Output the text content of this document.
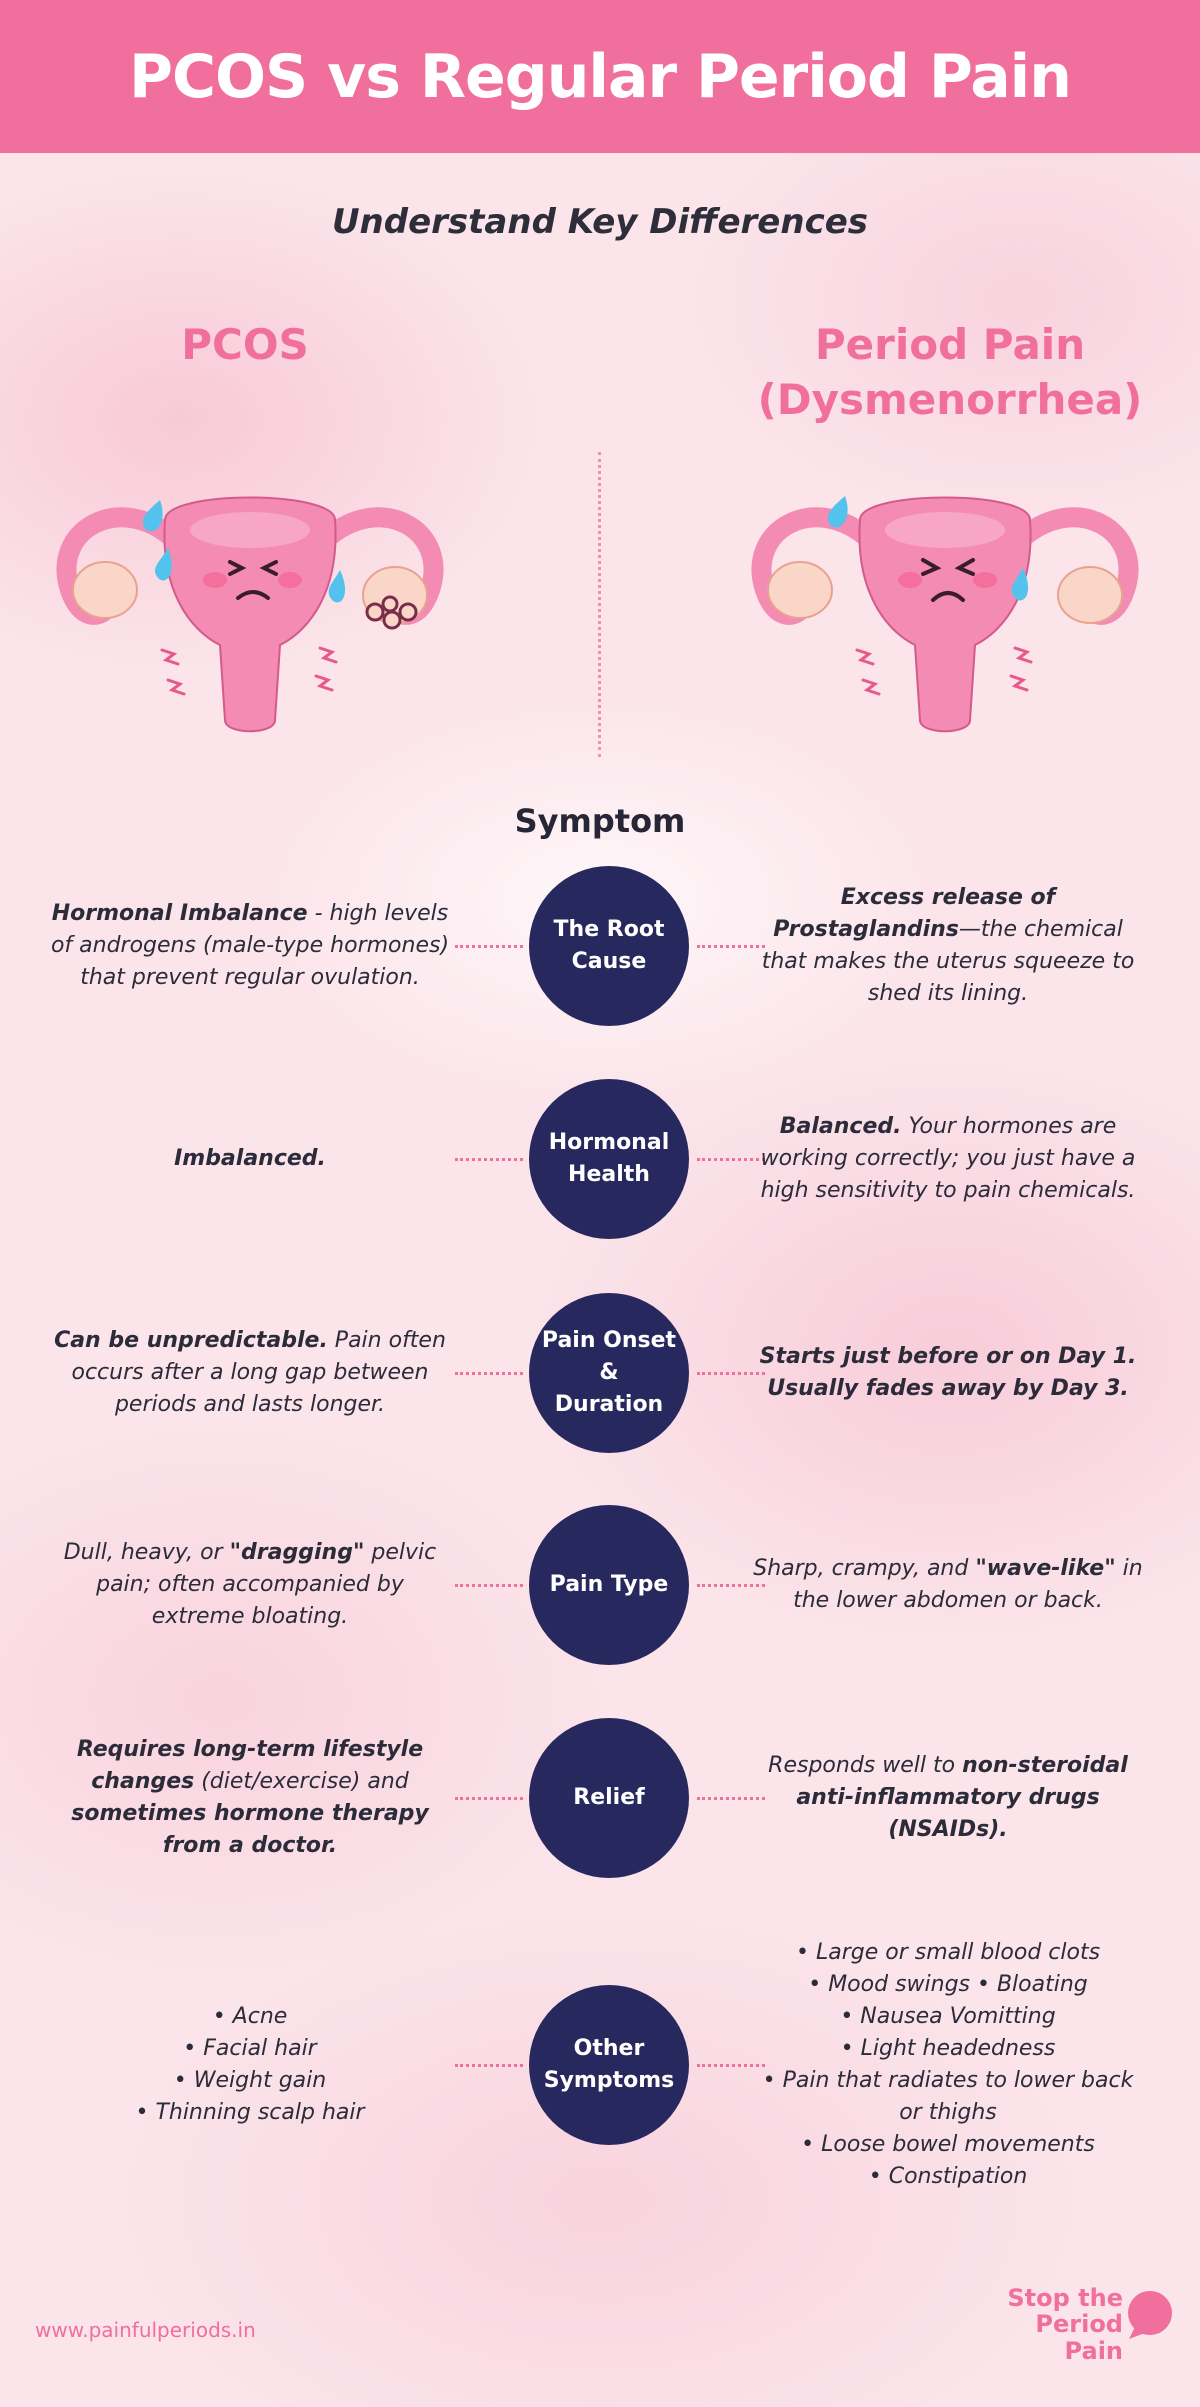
PCOS vs Regular Period Pain
Understand Key Differences
PCOS	Period Pain
(Dysmenorrhea)
Symptom
Hormonal Imbalance - high levels of androgens (male-type hormones) that prevent regular ovulation.
The Root
Cause
Excess release of Prostaglandins—the chemical that makes the uterus squeeze to shed its lining.
Imbalanced.
Hormonal
Health
Balanced. Your hormones are working correctly; you just have a high sensitivity to pain chemicals.
Can be unpredictable. Pain often occurs after a long gap between periods and lasts longer.
Pain Onset
&
Duration
Starts just before or on Day 1. Usually fades away by Day 3.
Dull, heavy, or "dragging" pelvic pain; often accompanied by extreme bloating.
Pain Type
Sharp, crampy, and "wave-like" in the lower abdomen or back.
Requires long-term lifestyle changes (diet/exercise) and sometimes hormone therapy from a doctor.
Relief
Responds well to non-steroidal anti-inflammatory drugs (NSAIDs).
• Acne
• Facial hair
• Weight gain
• Thinning scalp hair
Other
Symptoms
• Large or small blood clots
• Mood swings • Bloating
• Nausea Vomitting
• Light headedness
• Pain that radiates to lower back or thighs
• Loose bowel movements
• Constipation
www.painfulperiods.in
Stop the
Period Pain
